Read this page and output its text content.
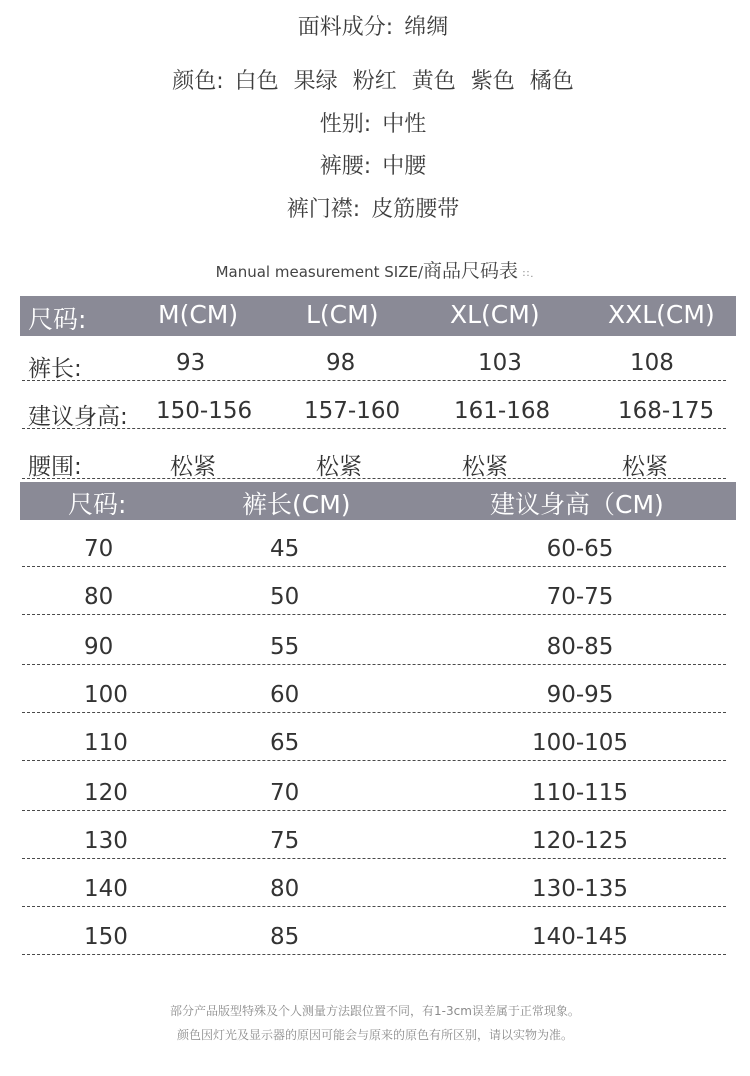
面料成分: 绵绸
颜色: 白色 果绿 粉红 黄色 紫色 橘色
性别: 中性
裤腰: 中腰
裤门襟: 皮筋腰带
Manual measurement SIZE/商品尺码表 ∷.
尺码:	M(CM)	L(CM)	XL(CM)	XXL(CM)
裤长:	93	98	103	108
建议身高: 150-156 157-160 161-168	168-175
腰围:	松紧	松紧	松紧	松紧
尺码:	裤长(CM)	建议身高（CM)
70	45	60-65
80	50	70-75
90	55	80-85
100	60	90-95
110	65	100-105
120	70	110-115
130	75	120-125
140	80	130-135
150	85	140-145
部分产品版型特殊及个人测量方法跟位置不同，有1-3cm误差属于正常现象。
颜色因灯光及显示器的原因可能会与原来的原色有所区别，请以实物为准。
